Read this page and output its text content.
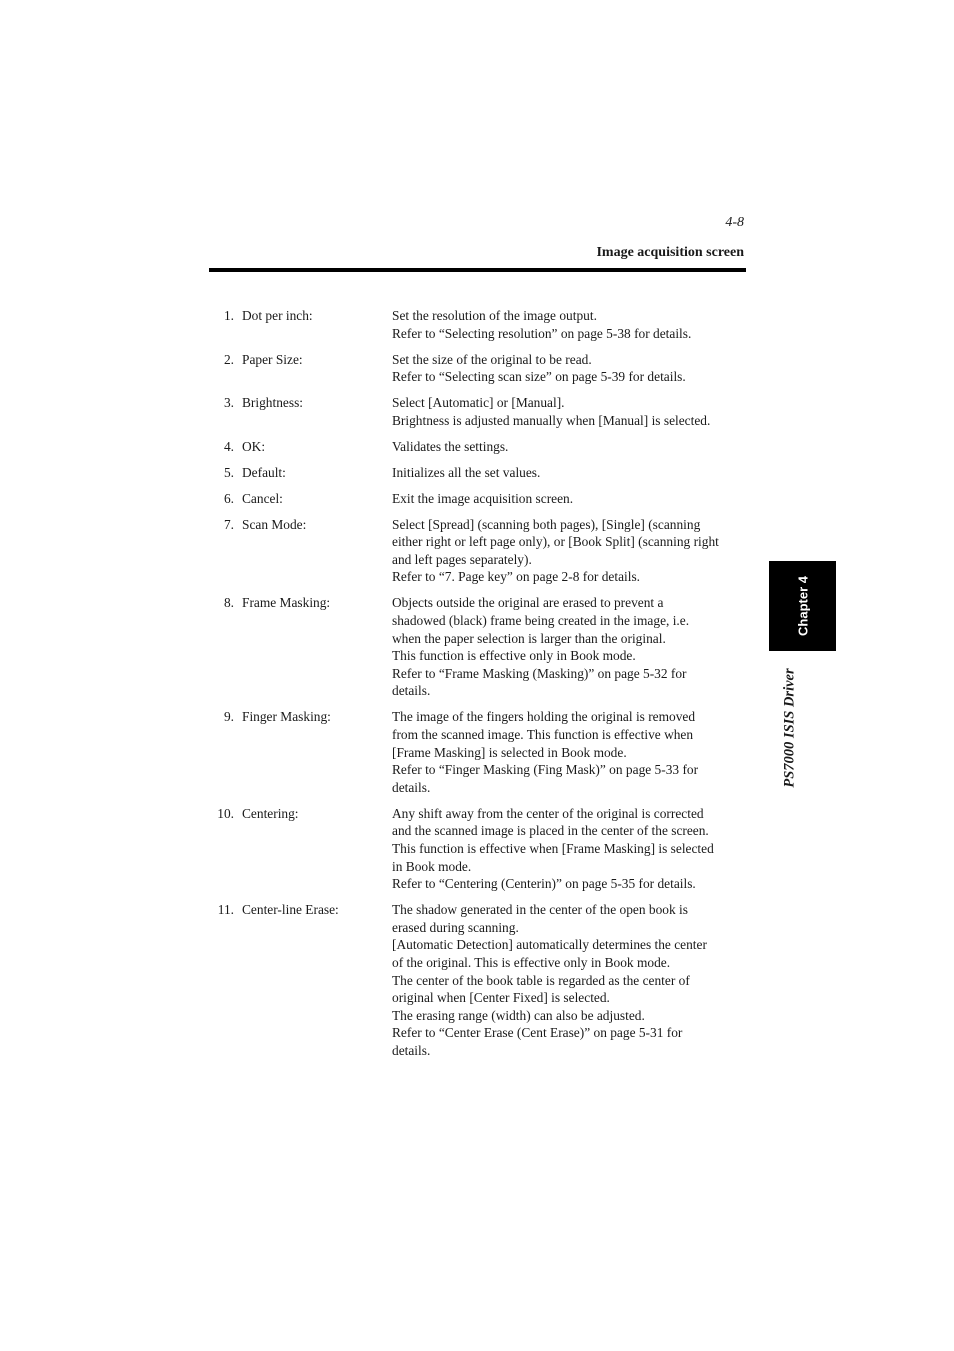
4-8
Image acquisition screen
1. Dot per inch:	Set the resolution of the image output.
Refer to “Selecting resolution” on page 5-38 for details.
2. Paper Size:	Set the size of the original to be read.
Refer to “Selecting scan size” on page 5-39 for details.
3. Brightness:	Select [Automatic] or [Manual].
Brightness is adjusted manually when [Manual] is selected.
4. OK:	Validates the settings.
5. Default:	Initializes all the set values.
6. Cancel:	Exit the image acquisition screen.
7. Scan Mode:	Select [Spread] (scanning both pages), [Single] (scanning
either right or left page only), or [Book Split] (scanning right
and left pages separately).
Refer to “7. Page key” on page 2-8 for details.
8. Frame Masking:	Objects outside the original are erased to prevent a
shadowed (black) frame being created in the image, i.e.
when the paper selection is larger than the original.
This function is effective only in Book mode.
Refer to “Frame Masking (Masking)” on page 5-32 for
details.
9. Finger Masking:	The image of the fingers holding the original is removed
from the scanned image. This function is effective when
[Frame Masking] is selected in Book mode.
Refer to “Finger Masking (Fing Mask)” on page 5-33 for
details.
10. Centering:	Any shift away from the center of the original is corrected
and the scanned image is placed in the center of the screen.
This function is effective when [Frame Masking] is selected
in Book mode.
Refer to “Centering (Centerin)” on page 5-35 for details.
11. Center-line Erase:	The shadow generated in the center of the open book is
erased during scanning.
[Automatic Detection] automatically determines the center
of the original. This is effective only in Book mode.
The center of the book table is regarded as the center of
original when [Center Fixed] is selected.
The erasing range (width) can also be adjusted.
Refer to “Center Erase (Cent Erase)” on page 5-31 for
details.
Chapter 4
PS7000 ISIS Driver
